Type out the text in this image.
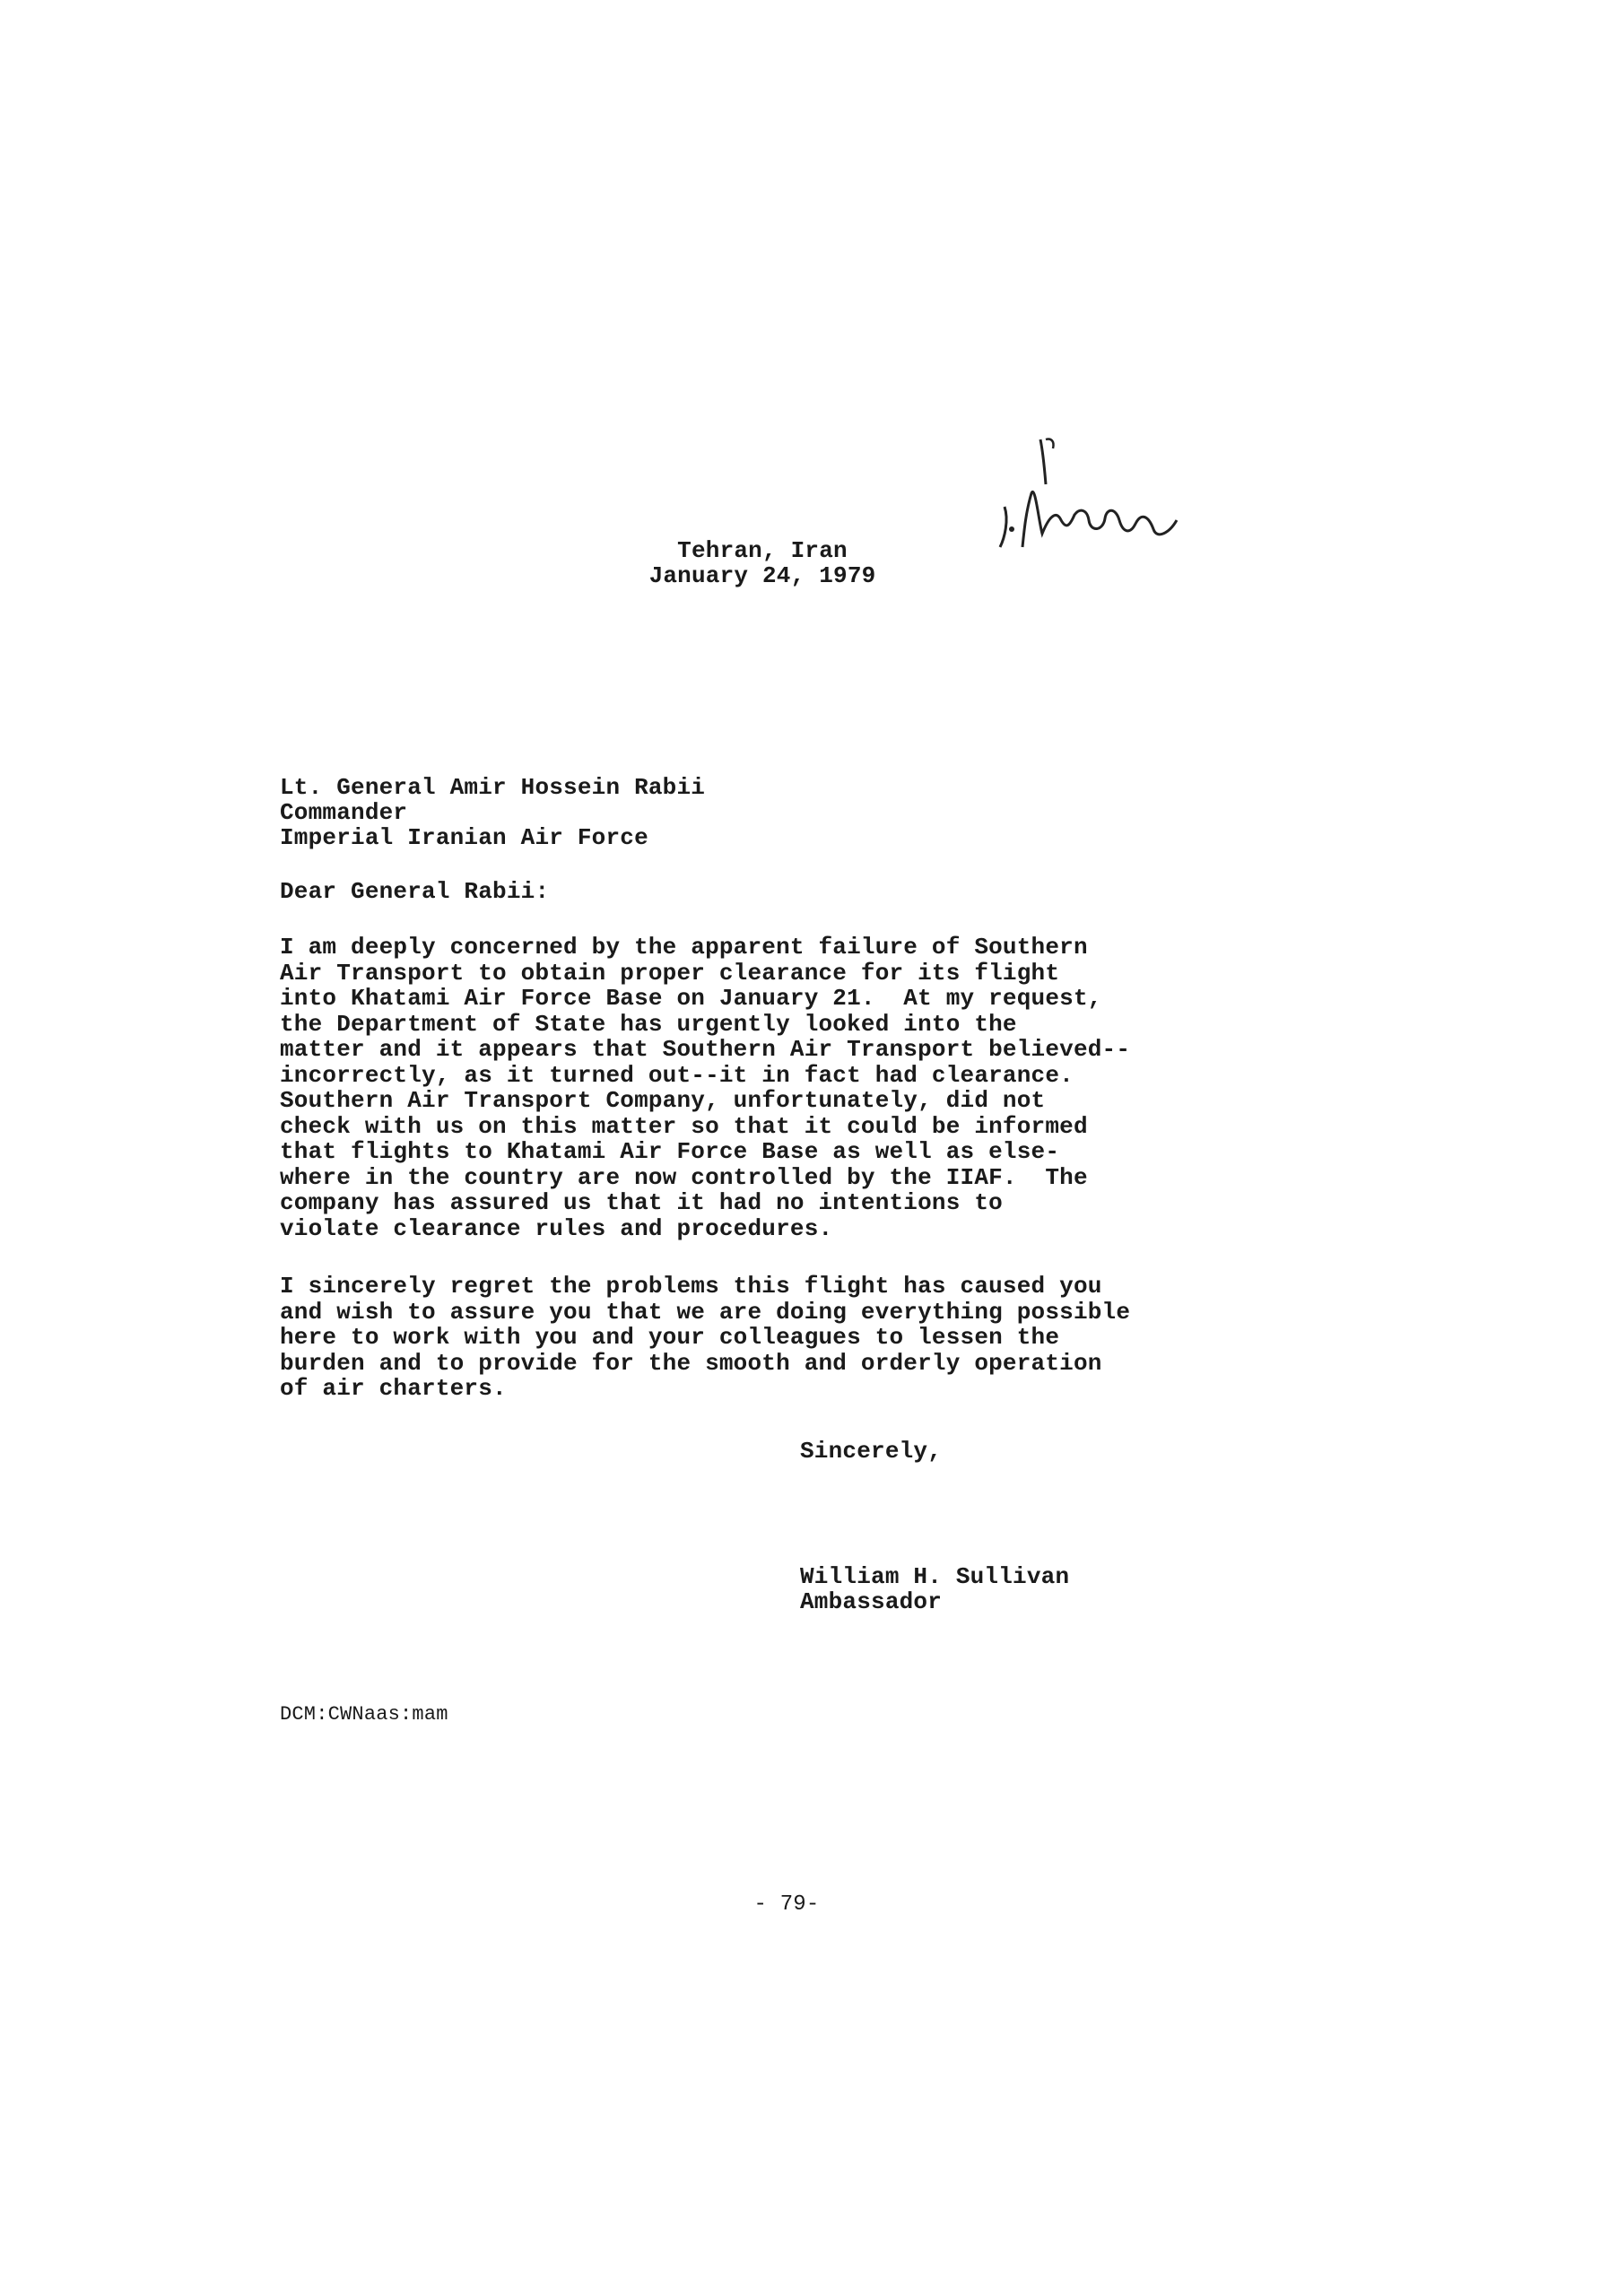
Tehran, Iran
January 24, 1979
Lt. General Amir Hossein Rabii
Commander
Imperial Iranian Air Force
Dear General Rabii:
I am deeply concerned by the apparent failure of Southern
Air Transport to obtain proper clearance for its flight
into Khatami Air Force Base on January 21.  At my request,
the Department of State has urgently looked into the
matter and it appears that Southern Air Transport believed--
incorrectly, as it turned out--it in fact had clearance.
Southern Air Transport Company, unfortunately, did not
check with us on this matter so that it could be informed
that flights to Khatami Air Force Base as well as else-
where in the country are now controlled by the IIAF.  The
company has assured us that it had no intentions to
violate clearance rules and procedures.
I sincerely regret the problems this flight has caused you
and wish to assure you that we are doing everything possible
here to work with you and your colleagues to lessen the
burden and to provide for the smooth and orderly operation
of air charters.
Sincerely,
William H. Sullivan
Ambassador
DCM:CWNaas:mam
- 79-
